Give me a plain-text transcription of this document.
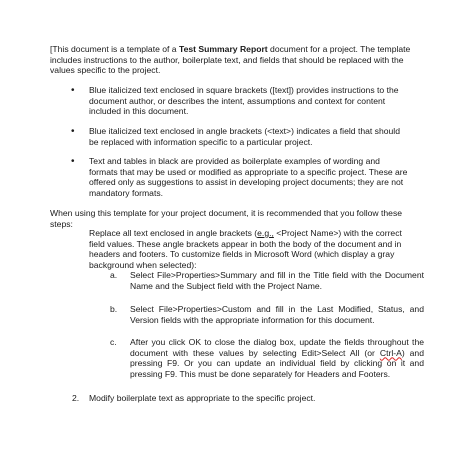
[This document is a template of a Test Summary Report document for a project. The template includes instructions to the author, boilerplate text, and fields that should be replaced with the values specific to the project.

• Blue italicized text enclosed in square brackets ([text]) provides instructions to the document author, or describes the intent, assumptions and context for content included in this document.

• Blue italicized text enclosed in angle brackets (<text>) indicates a field that should be replaced with information specific to a particular project.

• Text and tables in black are provided as boilerplate examples of wording and formats that may be used or modified as appropriate to a specific project. These are offered only as suggestions to assist in developing project documents; they are not mandatory formats.

When using this template for your project document, it is recommended that you follow these steps:

Replace all text enclosed in angle brackets (e.g., <Project Name>) with the correct field values. These angle brackets appear in both the body of the document and in headers and footers. To customize fields in Microsoft Word (which display a gray background when selected):

a. Select File>Properties>Summary and fill in the Title field with the Document Name and the Subject field with the Project Name.

b. Select File>Properties>Custom and fill in the Last Modified, Status, and Version fields with the appropriate information for this document.

c. After you click OK to close the dialog box, update the fields throughout the document with these values by selecting Edit>Select All (or Ctrl-A) and pressing F9. Or you can update an individual field by clicking on it and pressing F9. This must be done separately for Headers and Footers.

2. Modify boilerplate text as appropriate to the specific project.
